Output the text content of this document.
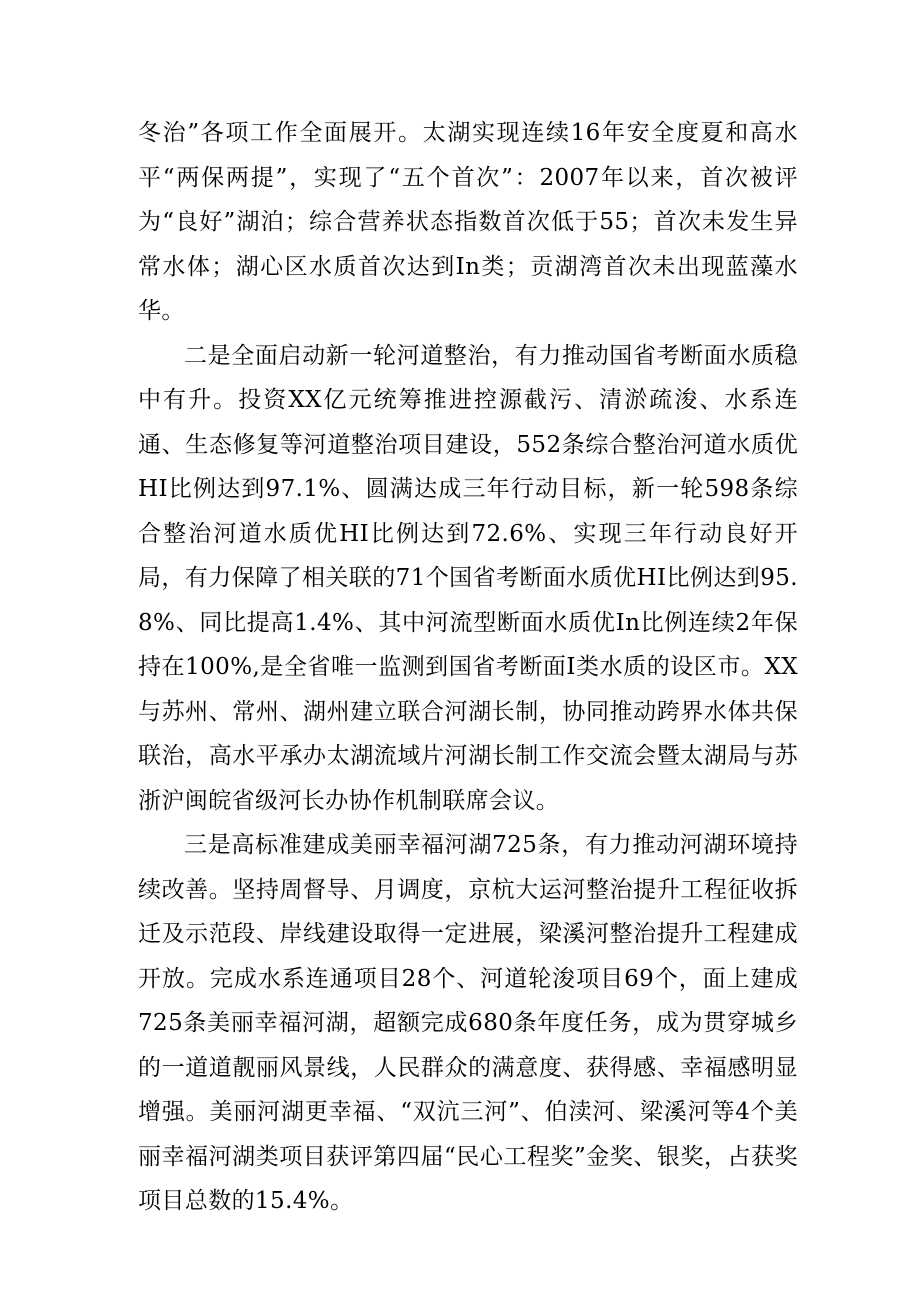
冬治”各项工作全面展开。太湖实现连续16年安全度夏和高水平“两保两提”，实现了“五个首次”：2007年以来，首次被评为“良好”湖泊；综合营养状态指数首次低于55；首次未发生异常水体；湖心区水质首次达到In类；贡湖湾首次未出现蓝藻水华。

二是全面启动新一轮河道整治，有力推动国省考断面水质稳中有升。投资XX亿元统筹推进控源截污、清淤疏浚、水系连通、生态修复等河道整治项目建设，552条综合整治河道水质优HI比例达到97.1%、圆满达成三年行动目标，新一轮598条综合整治河道水质优HI比例达到72.6%、实现三年行动良好开局，有力保障了相关联的71个国省考断面水质优HI比例达到95.8%、同比提高1.4%、其中河流型断面水质优In比例连续2年保持在100%,是全省唯一监测到国省考断面I类水质的设区市。XX与苏州、常州、湖州建立联合河湖长制，协同推动跨界水体共保联治，高水平承办太湖流域片河湖长制工作交流会暨太湖局与苏浙沪闽皖省级河长办协作机制联席会议。

三是高标准建成美丽幸福河湖725条，有力推动河湖环境持续改善。坚持周督导、月调度，京杭大运河整治提升工程征收拆迁及示范段、岸线建设取得一定进展，梁溪河整治提升工程建成开放。完成水系连通项目28个、河道轮浚项目69个，面上建成725条美丽幸福河湖，超额完成680条年度任务，成为贯穿城乡的一道道靓丽风景线，人民群众的满意度、获得感、幸福感明显增强。美丽河湖更幸福、“双沆三河”、伯渎河、梁溪河等4个美丽幸福河湖类项目获评第四届“民心工程奖”金奖、银奖，占获奖项目总数的15.4%。
